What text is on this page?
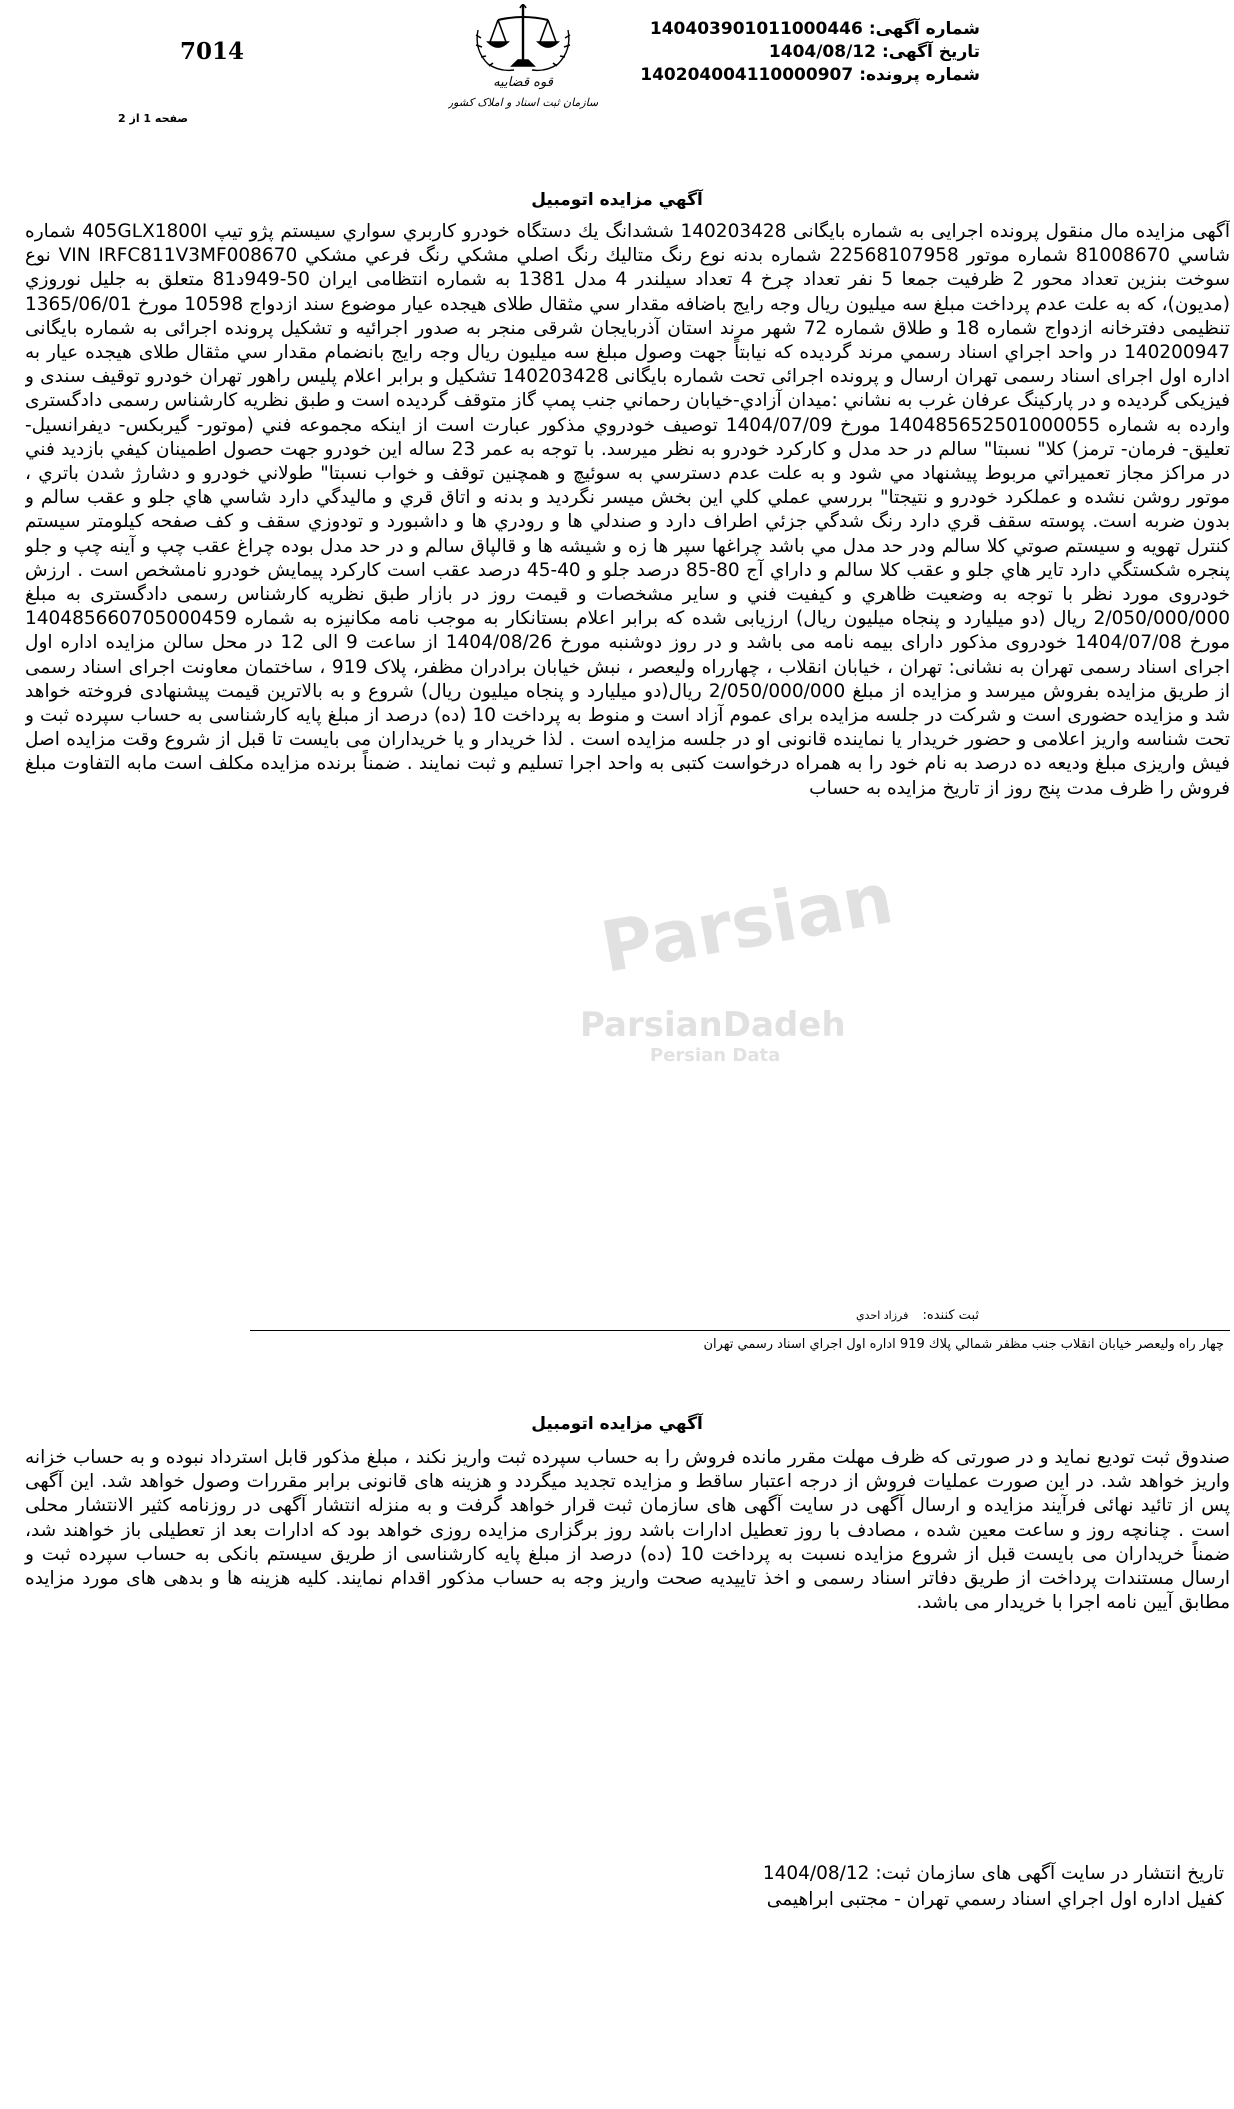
شماره آگهی:140403901011000446
تاریخ آگهی:1404/08/12
شماره پرونده:140204004110000907
قوه قضاییه
سازمان ثبت اسناد و املاک کشور
7014
صفحه 1 از 2
Parsian
ParsianDadeh
Persian Data
آگهي مزايده اتومبيل
آگهی مزایده مال منقول پرونده اجرایی به شماره بایگانی 140203428 ششدانگ يك دستگاه خودرو كاربري سواري سيستم پژو تيپ 405GLX1800I شماره شاسي 81008670 شماره موتور 22568107958 شماره بدنه نوع رنگ متاليك رنگ اصلي مشكي رنگ فرعي مشكي VIN IRFC811V3MF008670 نوع سوخت بنزين تعداد محور 2 ظرفيت جمعا 5 نفر تعداد چرخ 4 تعداد سيلندر 4 مدل 1381 به شماره انتظامی ایران 50-949د81 متعلق به جلیل نوروزي (مدیون)، که به علت عدم پرداخت مبلغ سه میلیون ریال وجه رایج باضافه مقدار سي مثقال طلای هیجده عیار موضوع سند ازدواج 10598 مورخ 1365/06/01 تنظیمی دفترخانه ازدواج شماره 18 و طلاق شماره 72 شهر مرند استان آذربایجان شرقی منجر به صدور اجرائیه و تشکیل پرونده اجرائی به شماره بایگانی 140200947 در واحد اجراي اسناد رسمي مرند گرديده كه نيابتاً جهت وصول مبلغ سه ميليون ريال وجه رايج بانضمام مقدار سي مثقال طلای هیجده عیار به اداره اول اجرای اسناد رسمی تهران ارسال و پرونده اجرائی تحت شماره بایگانی 140203428 تشکیل و برابر اعلام پلیس راهور تهران خودرو توقیف سندی و فیزیکی گردیده و در پارکینگ عرفان غرب به نشاني :میدان آزادي-خیابان رحماني جنب پمپ گاز متوقف گردیده است و طبق نظریه کارشناس رسمی دادگستری وارده به شماره 140485652501000055 مورخ 1404/07/09 توصیف خودروي مذكور عبارت است از اينكه مجموعه فني (موتور- گيربكس- ديفرانسيل-تعليق- فرمان- ترمز) كلا" نسبتا" سالم در حد مدل و كاركرد خودرو به نظر ميرسد. با توجه به عمر 23 ساله اين خودرو جهت حصول اطمينان كيفي بازديد فني در مراكز مجاز تعميراتي مربوط پيشنهاد مي شود و به علت عدم دسترسي به سوئيچ و همچنين توقف و خواب نسبتا" طولاني خودرو و دشارژ شدن باتري ، موتور روشن نشده و عملكرد خودرو و نتيجتا" بررسي عملي كلي اين بخش ميسر نگرديد و بدنه و اتاق قري و ماليدگي دارد شاسي هاي جلو و عقب سالم و بدون ضربه است. پوسته سقف قري دارد رنگ شدگي جزئي اطراف دارد و صندلي ها و رودري ها و داشبورد و تودوزي سقف و كف صفحه كيلومتر سيستم كنترل تهويه و سيستم صوتي كلا سالم ودر حد مدل مي باشد چراغها سپر ها زه و شيشه ها و قالپاق سالم و در حد مدل بوده چراغ عقب چپ و آينه چپ و جلو پنجره شكستگي دارد تاير هاي جلو و عقب كلا سالم و داراي آج 80-85 درصد جلو و 40-45 درصد عقب است كاركرد پيمايش خودرو نامشخص است . ارزش خودروی مورد نظر با توجه به وضعيت ظاهري و كيفيت فني و ساير مشخصات و قيمت روز در بازار طبق نظریه کارشناس رسمی دادگستری به مبلغ 2/050/000/000 ريال (دو ميليارد و پنجاه ميليون ريال) ارزیابی شده که برابر اعلام بستانکار به موجب نامه مکانیزه به شماره 140485660705000459 مورخ 1404/07/08 خودروی مذکور دارای بیمه نامه می باشد و در روز دوشنبه مورخ 1404/08/26 از ساعت 9 الی 12 در محل سالن مزايده اداره اول اجرای اسناد رسمی تهران به نشانی: تهران ، خیابان انقلاب ، چهارراه ولیعصر ، نبش خیابان برادران مظفر، پلاک 919 ، ساختمان معاونت اجرای اسناد رسمی از طريق مزايده بفروش میرسد و مزايده از مبلغ 2/050/000/000 ريال(دو ميليارد و پنجاه ميليون ريال) شروع و به بالاترين قيمت پيشنهادی فروخته خواهد شد و مزایده حضوری است و شرکت در جلسه مزایده برای عموم آزاد است و منوط به پرداخت 10 (ده) درصد از مبلغ پایه کارشناسی به حساب سپرده ثبت و تحت شناسه واریز اعلامی و حضور خریدار یا نماینده قانونی او در جلسه مزایده است . لذا خریدار و یا خریداران می بایست تا قبل از شروع وقت مزایده اصل فیش واریزی مبلغ ودیعه ده درصد به نام خود را به همراه درخواست کتبی به واحد اجرا تسلیم و ثبت نمایند . ضمناً برنده مزایده مکلف است مابه التفاوت مبلغ فروش را ظرف مدت پنج روز از تاریخ مزایده به حساب
ثبت كننده: فرزاد احدي
چهار راه وليعصر خيابان انقلاب جنب مظفر شمالي پلاك 919 اداره اول اجراي اسناد رسمي تهران
آگهي مزايده اتومبيل
صندوق ثبت تودیع نماید و در صورتی که ظرف مهلت مقرر مانده فروش را به حساب سپرده ثبت واریز نکند ، مبلغ مذکور قابل استرداد نبوده و به حساب خزانه واریز خواهد شد. در این صورت عملیات فروش از درجه اعتبار ساقط و مزایده تجدید میگردد و هزینه های قانونی برابر مقررات وصول خواهد شد. این آگهی پس از تائید نهائی فرآیند مزایده و ارسال آگهی در سایت آگهی های سازمان ثبت قرار خواهد گرفت و به منزله انتشار آگهی در روزنامه کثیر الانتشار محلی است . چنانچه روز و ساعت معین شده ، مصادف با روز تعطیل ادارات باشد روز برگزاری مزایده روزی خواهد بود که ادارات بعد از تعطیلی باز خواهند شد، ضمناً خریداران می بایست قبل از شروع مزایده نسبت به پرداخت 10 (ده) درصد از مبلغ پایه کارشناسی از طریق سیستم بانکی به حساب سپرده ثبت و ارسال مستندات پرداخت از طریق دفاتر اسناد رسمی و اخذ تاییدیه صحت واریز وجه به حساب مذکور اقدام نمایند. کلیه هزینه ها و بدهی های مورد مزایده مطابق آیین نامه اجرا با خریدار می باشد.
تاريخ انتشار در سايت آگهی های سازمان ثبت: 1404/08/12
کفیل اداره اول اجراي اسناد رسمي تهران - مجتبی ابراهیمی
